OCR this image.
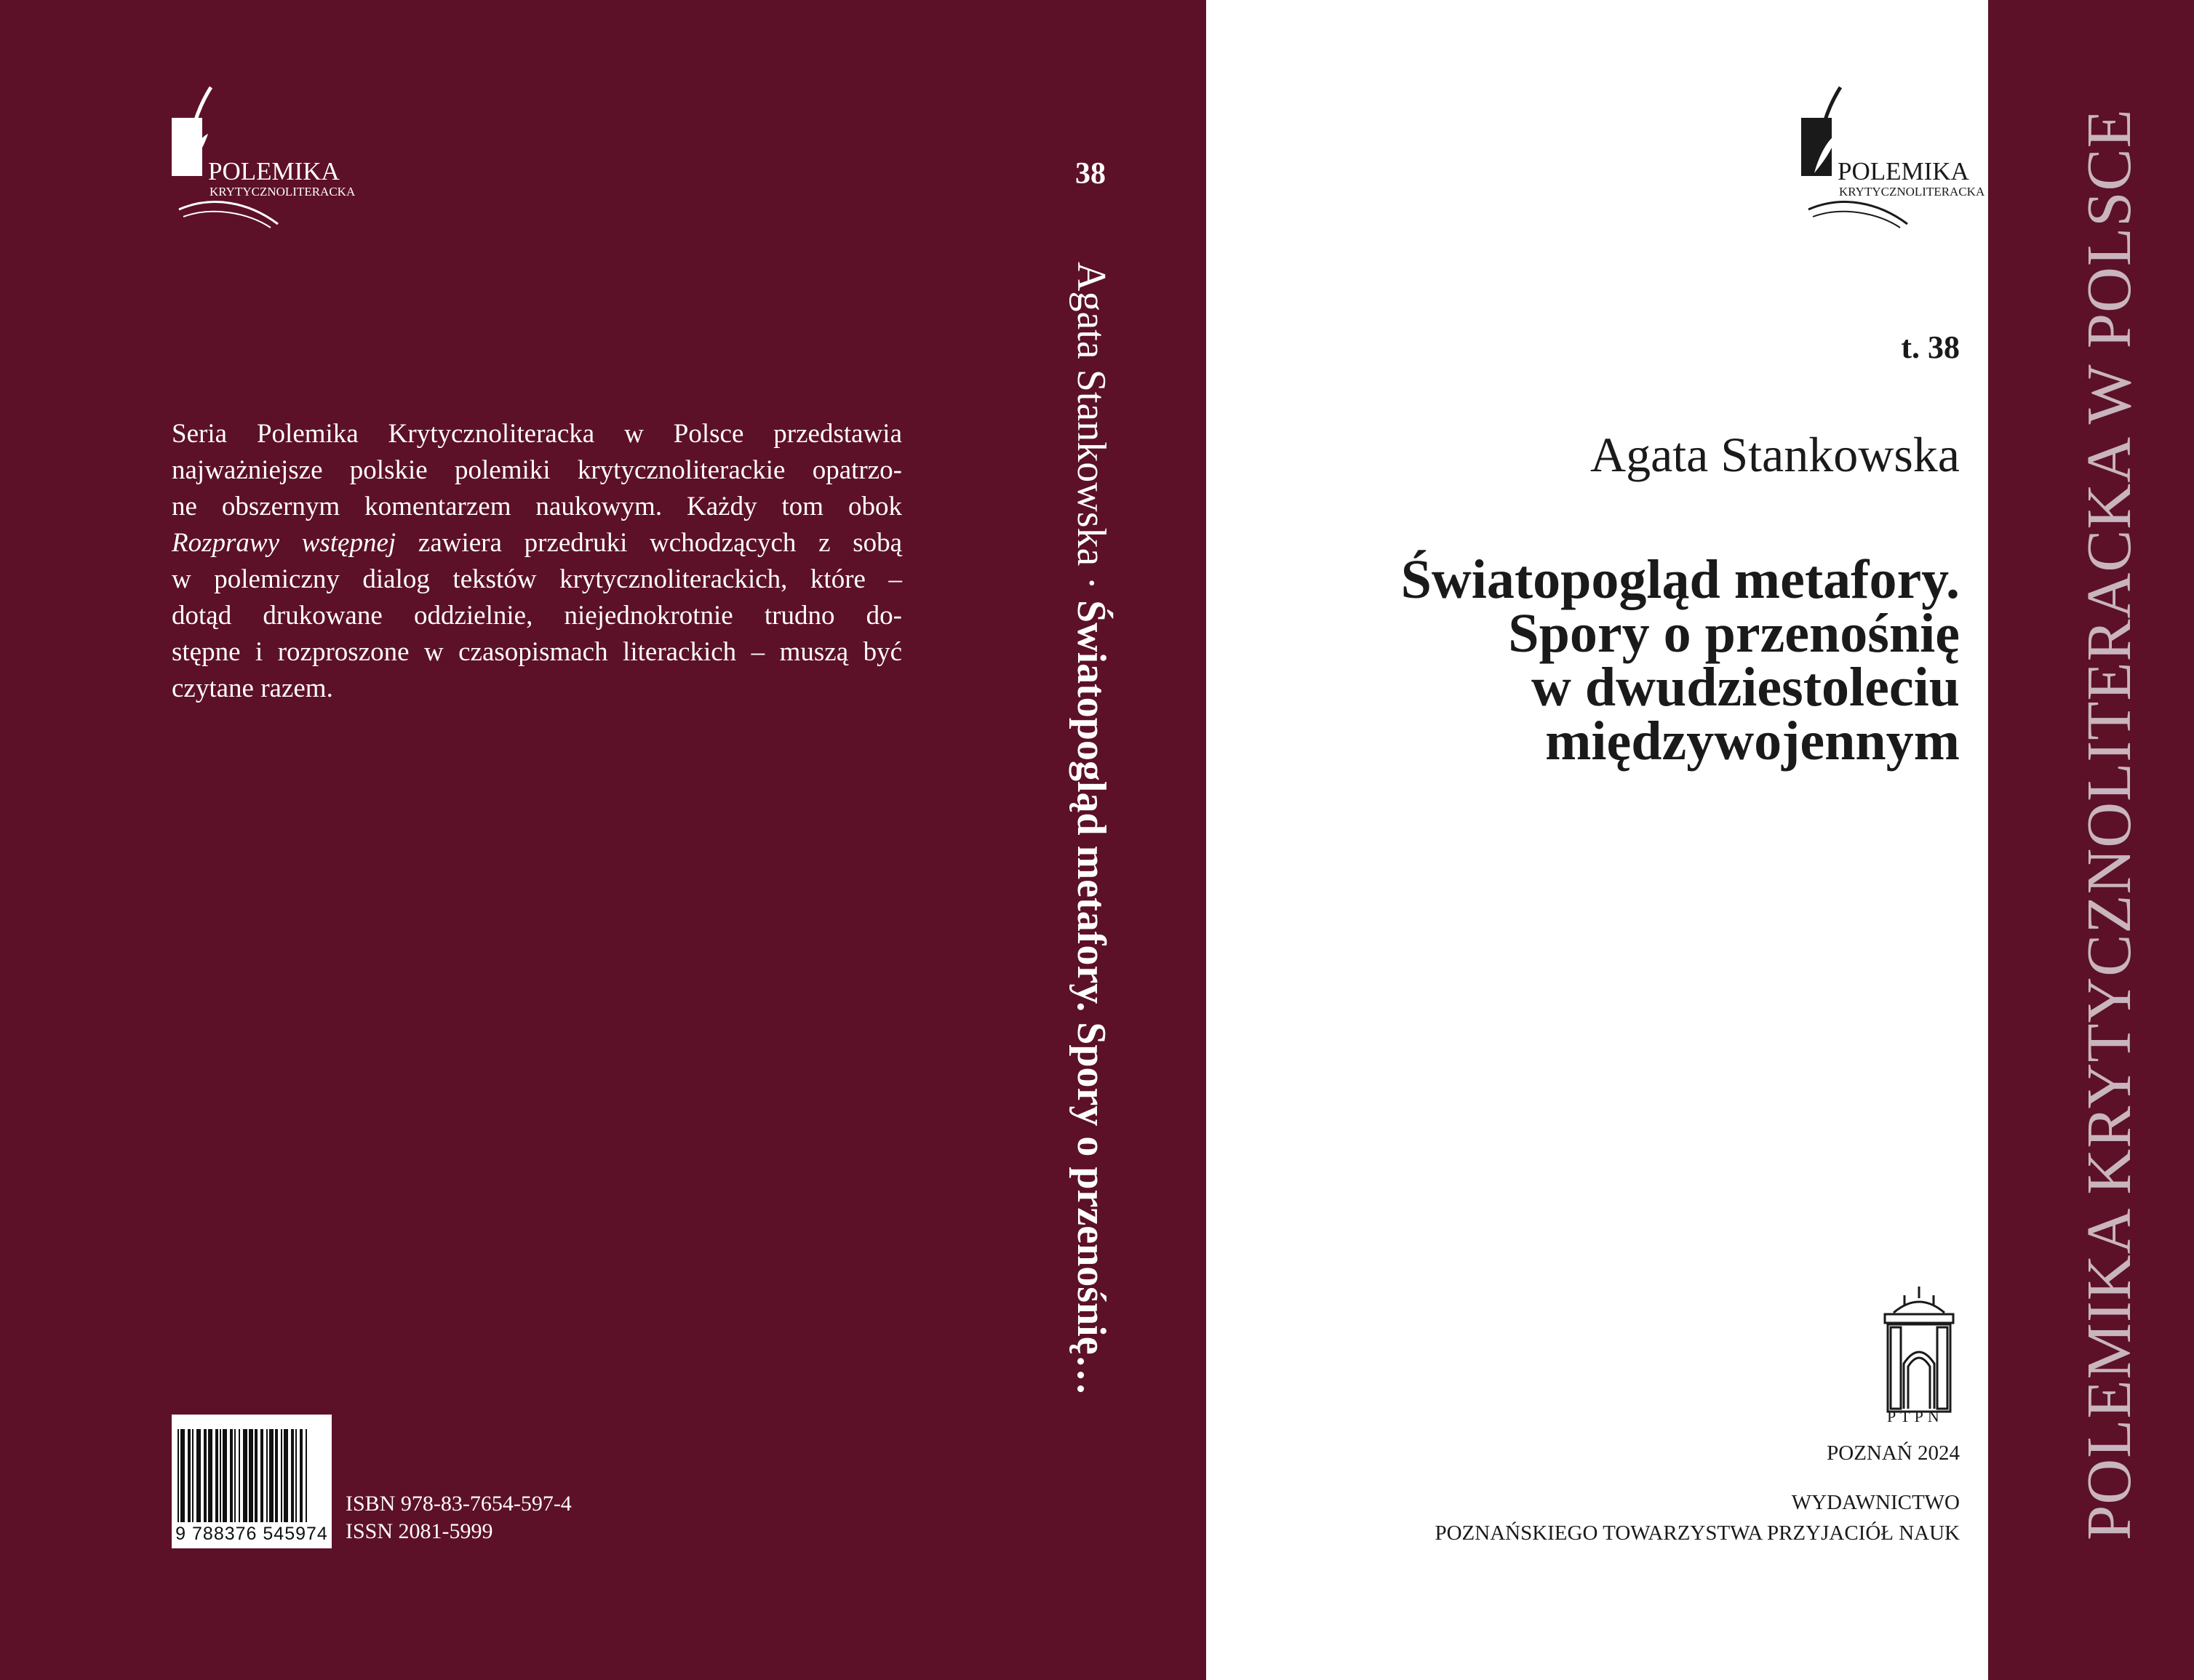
POLEMIKA
KRYTYCZNOLITERACKA
Seria Polemika Krytycznoliteracka w Polsce przedstawia
najważniejsze polskie polemiki krytycznoliterackie opatrzo-
ne obszernym komentarzem naukowym. Każdy tom obok
Rozprawy wstępnej zawiera przedruki wchodzących z sobą
w polemiczny dialog tekstów krytycznoliterackich, które –
dotąd drukowane oddzielnie, niejednokrotnie trudno do-
stępne i rozproszone w czasopismach literackich – muszą być
czytane razem.
9 788376 545974
ISBN 978-83-7654-597-4
ISSN 2081-5999
38
Agata Stankowska · Światopogląd metafory. Spory o przenośnię…
POLEMIKA
KRYTYCZNOLITERACKA
t. 38
Agata Stankowska
Światopogląd metafory.
Spory o przenośnię
w dwudziestoleciu
międzywojennym
PTPN
POZNAŃ 2024
WYDAWNICTWO
POZNAŃSKIEGO TOWARZYSTWA PRZYJACIÓŁ NAUK POLEMIKA KRYTYCZNOLITERACKA W POLSCE
